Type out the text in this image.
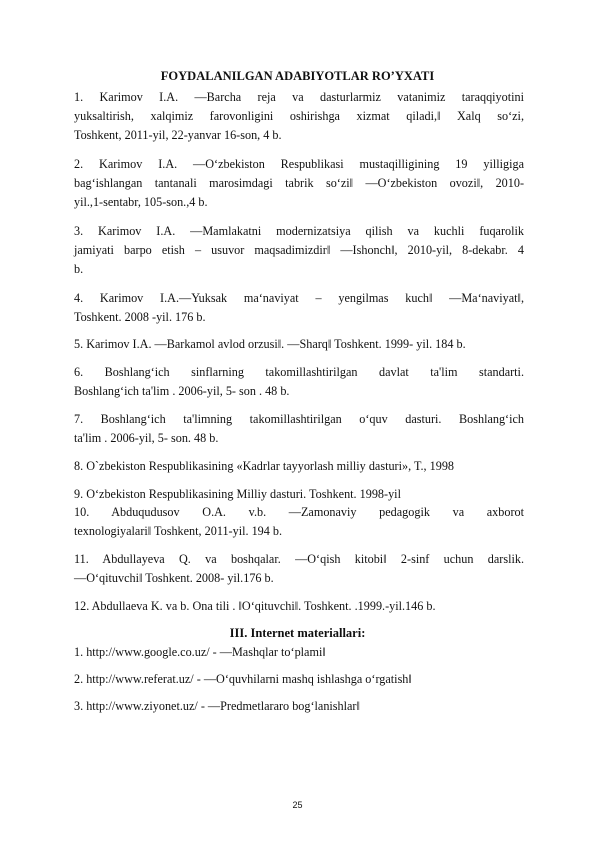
FOYDALANILGAN ADABIYOTLAR RO’YXATI
1. Karimov I.A. ―Barcha reja va dasturlarmiz vatanimiz taraqqiyotini
yuksaltirish, xalqimiz farovonligini oshirishga xizmat qiladi,‖ Xalq so‘zi,
Toshkent, 2011-yil, 22-yanvar 16-son, 4 b.
2. Karimov I.A. ―O‘zbekiston Respublikasi mustaqilligining 19 yilligiga
bag‘ishlangan tantanali marosimdagi tabrik so‘zi‖ ―O‘zbekiston ovozi‖, 2010-
yil.,1-sentabr, 105-son.,4 b.
3. Karimov I.A. ―Mamlakatni modernizatsiya qilish va kuchli fuqarolik
jamiyati barpo etish – usuvor maqsadimizdir‖ ―Ishonch‖, 2010-yil, 8-dekabr. 4
b.
4. Karimov I.A.―Yuksak ma‘naviyat – yengilmas kuch‖ ―Ma‘naviyat‖,
Toshkent. 2008 -yil. 176 b.
5. Karimov I.A. ―Barkamol avlod orzusi‖. ―Sharq‖ Toshkent. 1999- yil. 184 b.
6. Boshlang‘ich sinflarning takomillashtirilgan davlat ta'lim standarti.
Boshlang‘ich ta'lim . 2006-yil, 5- son . 48 b.
7. Boshlang‘ich ta'limning takomillashtirilgan o‘quv dasturi. Boshlang‘ich
ta'lim . 2006-yil, 5- son. 48 b.
8. O`zbekiston Respublikasining «Kadrlar tayyorlash milliy dasturi», T., 1998
9. O‘zbekiston Respublikasining Milliy dasturi. Toshkent. 1998-yil
10. Abduqudusov O.A. v.b. ―Zamonaviy pedagogik va axborot
texnologiyalari‖ Toshkent, 2011-yil. 194 b.
11. Abdullayeva Q. va boshqalar. ―O‘qish kitobi‖ 2-sinf uchun darslik.
―O‘qituvchi‖ Toshkent. 2008- yil.176 b.
12. Abdullaeva K. va b. Ona tili . ‖O‘qituvchi‖. Toshkent. .1999.-yil.146 b.
III. Internet materiallari:
1. http://www.google.co.uz/ - ―Mashqlar to‘plami‖
2. http://www.referat.uz/ - ―O‘quvhilarni mashq ishlashga o‘rgatish‖
3. http://www.ziyonet.uz/ - ―Predmetlararo bog‘lanishlar‖
25
